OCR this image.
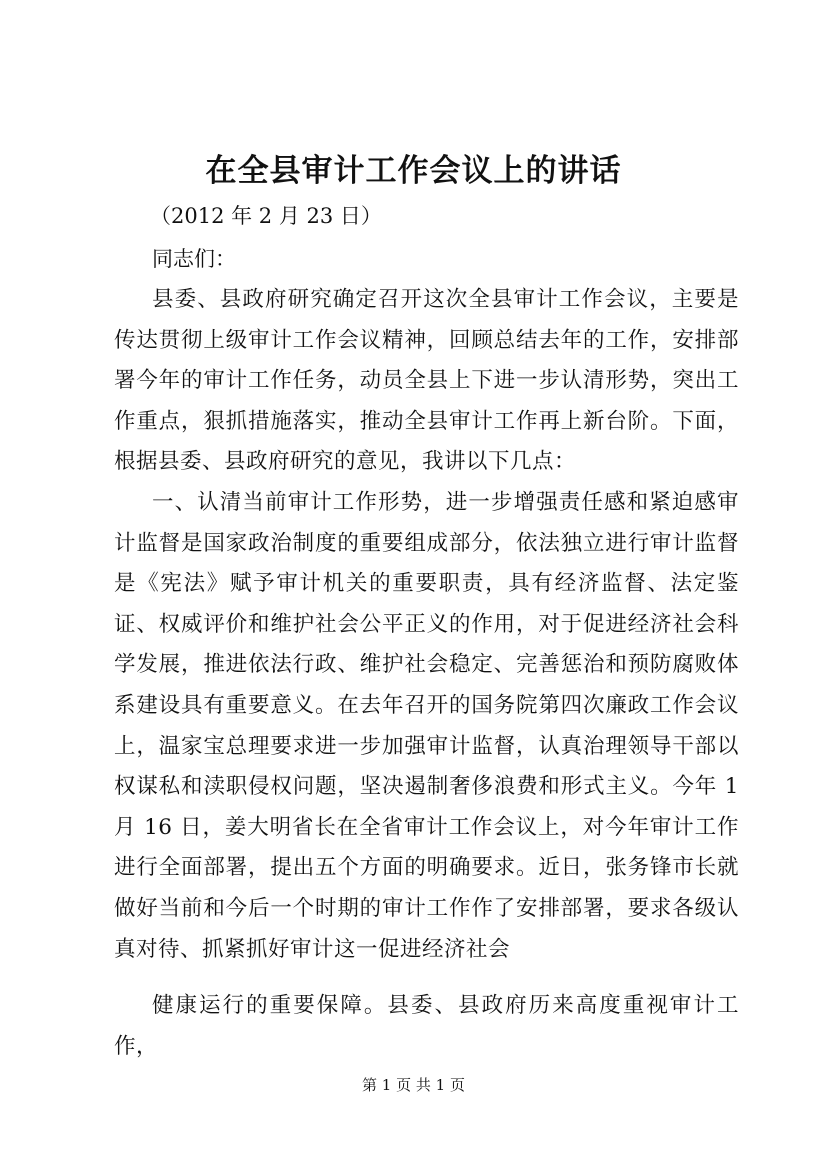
在全县审计工作会议上的讲话
（2012 年 2 月 23 日）
同志们：
县委、县政府研究确定召开这次全县审计工作会议，主要是传达贯彻上级审计工作会议精神，回顾总结去年的工作，安排部署今年的审计工作任务，动员全县上下进一步认清形势，突出工作重点，狠抓措施落实，推动全县审计工作再上新台阶。下面，根据县委、县政府研究的意见，我讲以下几点：
一、认清当前审计工作形势，进一步增强责任感和紧迫感审计监督是国家政治制度的重要组成部分，依法独立进行审计监督是《宪法》赋予审计机关的重要职责，具有经济监督、法定鉴证、权威评价和维护社会公平正义的作用，对于促进经济社会科学发展，推进依法行政、维护社会稳定、完善惩治和预防腐败体系建设具有重要意义。在去年召开的国务院第四次廉政工作会议上，温家宝总理要求进一步加强审计监督，认真治理领导干部以权谋私和渎职侵权问题，坚决遏制奢侈浪费和形式主义。今年 1 月 16 日，姜大明省长在全省审计工作会议上，对今年审计工作进行全面部署，提出五个方面的明确要求。近日，张务锋市长就做好当前和今后一个时期的审计工作作了安排部署，要求各级认真对待、抓紧抓好审计这一促进经济社会
健康运行的重要保障。县委、县政府历来高度重视审计工作，
第 1 页 共 1 页
